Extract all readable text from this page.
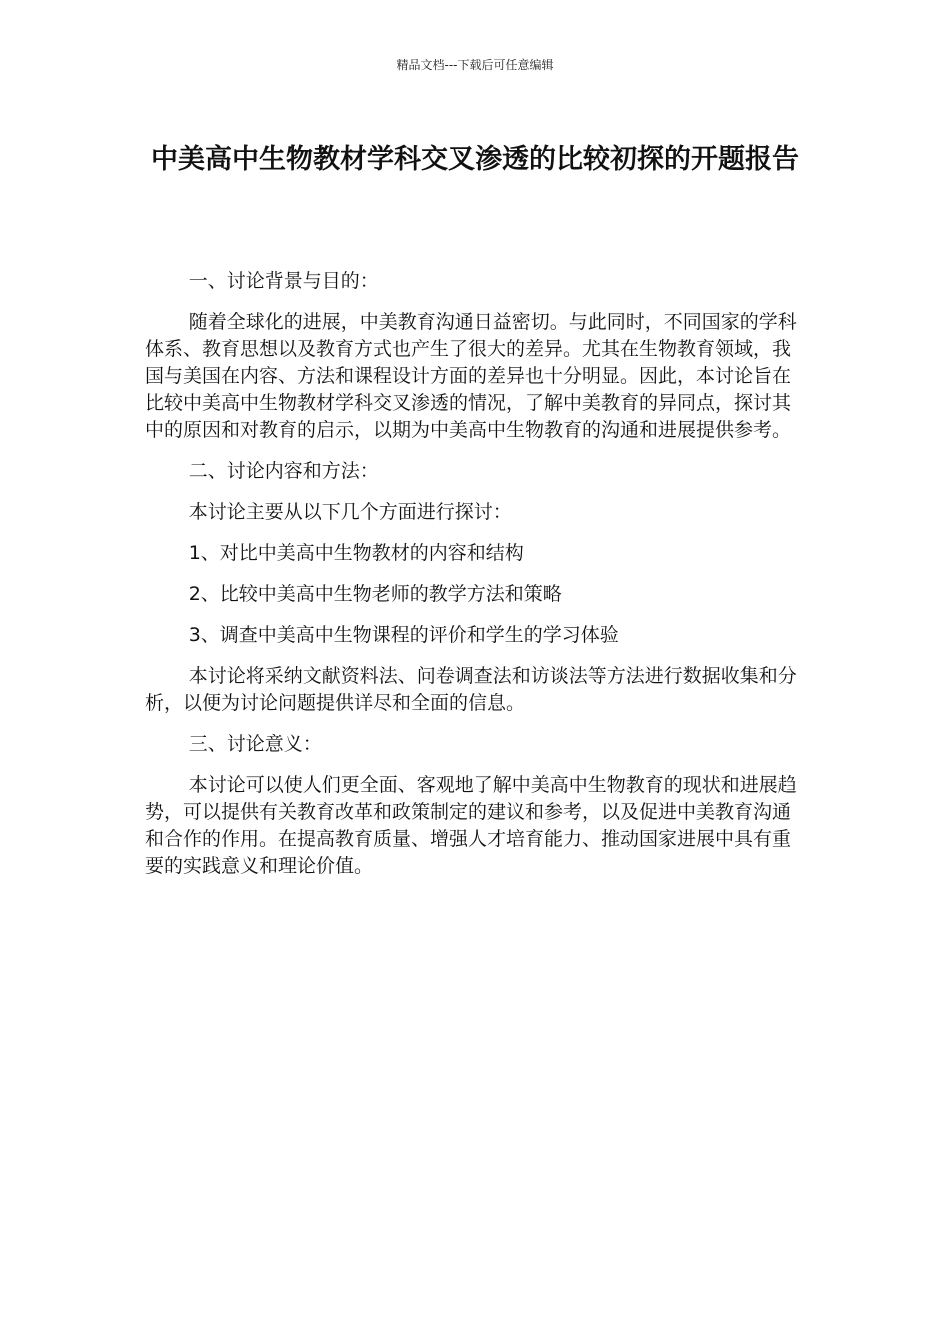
精品文档---下载后可任意编辑
中美高中生物教材学科交叉渗透的比较初探的开题报告

一、讨论背景与目的：

随着全球化的进展，中美教育沟通日益密切。与此同时，不同国家的学科体系、教育思想以及教育方式也产生了很大的差异。尤其在生物教育领域，我国与美国在内容、方法和课程设计方面的差异也十分明显。因此，本讨论旨在比较中美高中生物教材学科交叉渗透的情况，了解中美教育的异同点，探讨其中的原因和对教育的启示，以期为中美高中生物教育的沟通和进展提供参考。

二、讨论内容和方法：

本讨论主要从以下几个方面进行探讨：

1、对比中美高中生物教材的内容和结构

2、比较中美高中生物老师的教学方法和策略

3、调查中美高中生物课程的评价和学生的学习体验

本讨论将采纳文献资料法、问卷调查法和访谈法等方法进行数据收集和分析，以便为讨论问题提供详尽和全面的信息。

三、讨论意义：

本讨论可以使人们更全面、客观地了解中美高中生物教育的现状和进展趋势，可以提供有关教育改革和政策制定的建议和参考，以及促进中美教育沟通和合作的作用。在提高教育质量、增强人才培育能力、推动国家进展中具有重要的实践意义和理论价值。
